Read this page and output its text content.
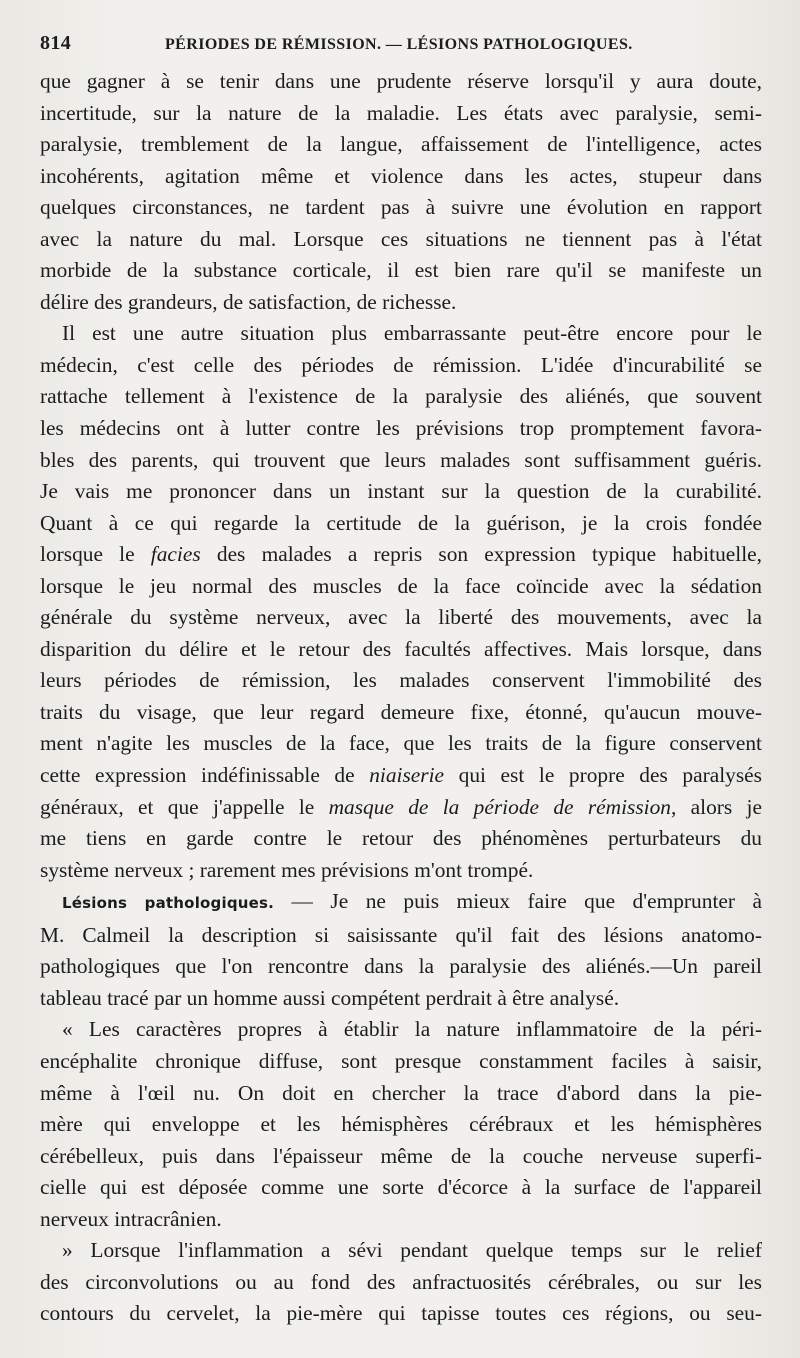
814	PÉRIODES DE RÉMISSION. — LÉSIONS PATHOLOGIQUES.
que gagner à se tenir dans une prudente réserve lorsqu'il y aura doute,
incertitude, sur la nature de la maladie. Les états avec paralysie, semi-
paralysie, tremblement de la langue, affaissement de l'intelligence, actes
incohérents, agitation même et violence dans les actes, stupeur dans
quelques circonstances, ne tardent pas à suivre une évolution en rapport
avec la nature du mal. Lorsque ces situations ne tiennent pas à l'état
morbide de la substance corticale, il est bien rare qu'il se manifeste un
délire des grandeurs, de satisfaction, de richesse.
Il est une autre situation plus embarrassante peut-être encore pour le
médecin, c'est celle des périodes de rémission. L'idée d'incurabilité se
rattache tellement à l'existence de la paralysie des aliénés, que souvent
les médecins ont à lutter contre les prévisions trop promptement favora-
bles des parents, qui trouvent que leurs malades sont suffisamment guéris.
Je vais me prononcer dans un instant sur la question de la curabilité.
Quant à ce qui regarde la certitude de la guérison, je la crois fondée
lorsque le facies des malades a repris son expression typique habituelle,
lorsque le jeu normal des muscles de la face coïncide avec la sédation
générale du système nerveux, avec la liberté des mouvements, avec la
disparition du délire et le retour des facultés affectives. Mais lorsque, dans
leurs périodes de rémission, les malades conservent l'immobilité des
traits du visage, que leur regard demeure fixe, étonné, qu'aucun mouve-
ment n'agite les muscles de la face, que les traits de la figure conservent
cette expression indéfinissable de niaiserie qui est le propre des paralysés
généraux, et que j'appelle le masque de la période de rémission, alors je
me tiens en garde contre le retour des phénomènes perturbateurs du
système nerveux ; rarement mes prévisions m'ont trompé.
Lésions pathologiques. — Je ne puis mieux faire que d'emprunter à
M. Calmeil la description si saisissante qu'il fait des lésions anatomo-
pathologiques que l'on rencontre dans la paralysie des aliénés.—Un pareil
tableau tracé par un homme aussi compétent perdrait à être analysé.
« Les caractères propres à établir la nature inflammatoire de la péri-
encéphalite chronique diffuse, sont presque constamment faciles à saisir,
même à l'œil nu. On doit en chercher la trace d'abord dans la pie-
mère qui enveloppe et les hémisphères cérébraux et les hémisphères
cérébelleux, puis dans l'épaisseur même de la couche nerveuse superfi-
cielle qui est déposée comme une sorte d'écorce à la surface de l'appareil
nerveux intracrânien.
» Lorsque l'inflammation a sévi pendant quelque temps sur le relief
des circonvolutions ou au fond des anfractuosités cérébrales, ou sur les
contours du cervelet, la pie-mère qui tapisse toutes ces régions, ou seu-
